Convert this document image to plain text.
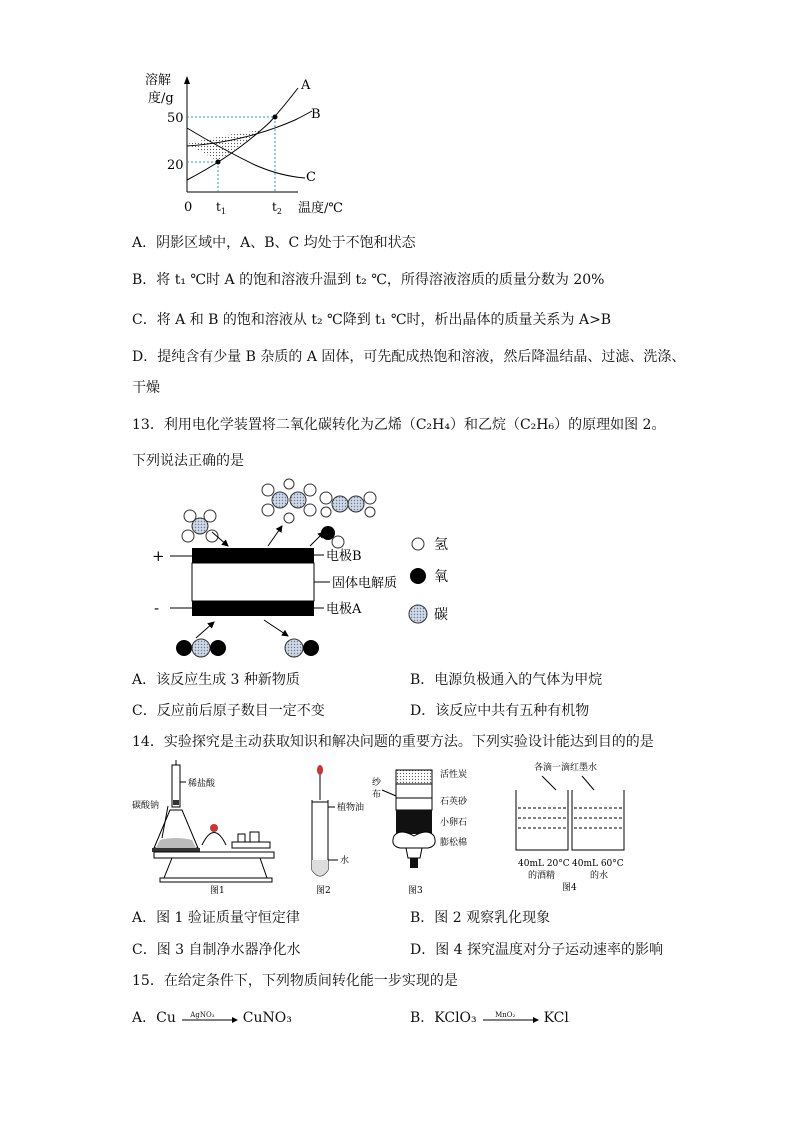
溶解
度/g
50
20
0 $t_1$	$t_2$ 温度/℃
A
B
C
A．阴影区域中，A、B、C 均处于不饱和状态
B．将 t₁ ℃时 A 的饱和溶液升温到 t₂ ℃，所得溶液溶质的质量分数为 20%
C．将 A 和 B 的饱和溶液从 t₂ ℃降到 t₁ ℃时，析出晶体的质量关系为 A>B
D．提纯含有少量 B 杂质的 A 固体，可先配成热饱和溶液，然后降温结晶、过滤、洗涤、
干燥
13．利用电化学装置将二氧化碳转化为乙烯（C₂H₄）和乙烷（C₂H₆）的原理如图 2。
下列说法正确的是
+
-
电极B
固体电解质
电极A
氢
氧
碳
A．该反应生成 3 种新物质	B．电源负极通入的气体为甲烷
C．反应前后原子数目一定不变	D．该反应中共有五种有机物
14．实验探究是主动获取知识和解决问题的重要方法。下列实验设计能达到目的的是
稀盐酸
碳酸钠
图1
植物油
水
图2
纱
布
活性炭
石英砂
小卵石
膨松棉
图3
各滴一滴红墨水
40mL 20°C
的酒精
40mL 60°C
的水
图4
A．图 1 验证质量守恒定律	B．图 2 观察乳化现象
C．图 3 自制净水器净化水	D．图 4 探究温度对分子运动速率的影响
15．在给定条件下，下列物质间转化能一步实现的是
A．Cu AgNO₃ CuNO₃	B．KClO₃	MnO₂ KCl
